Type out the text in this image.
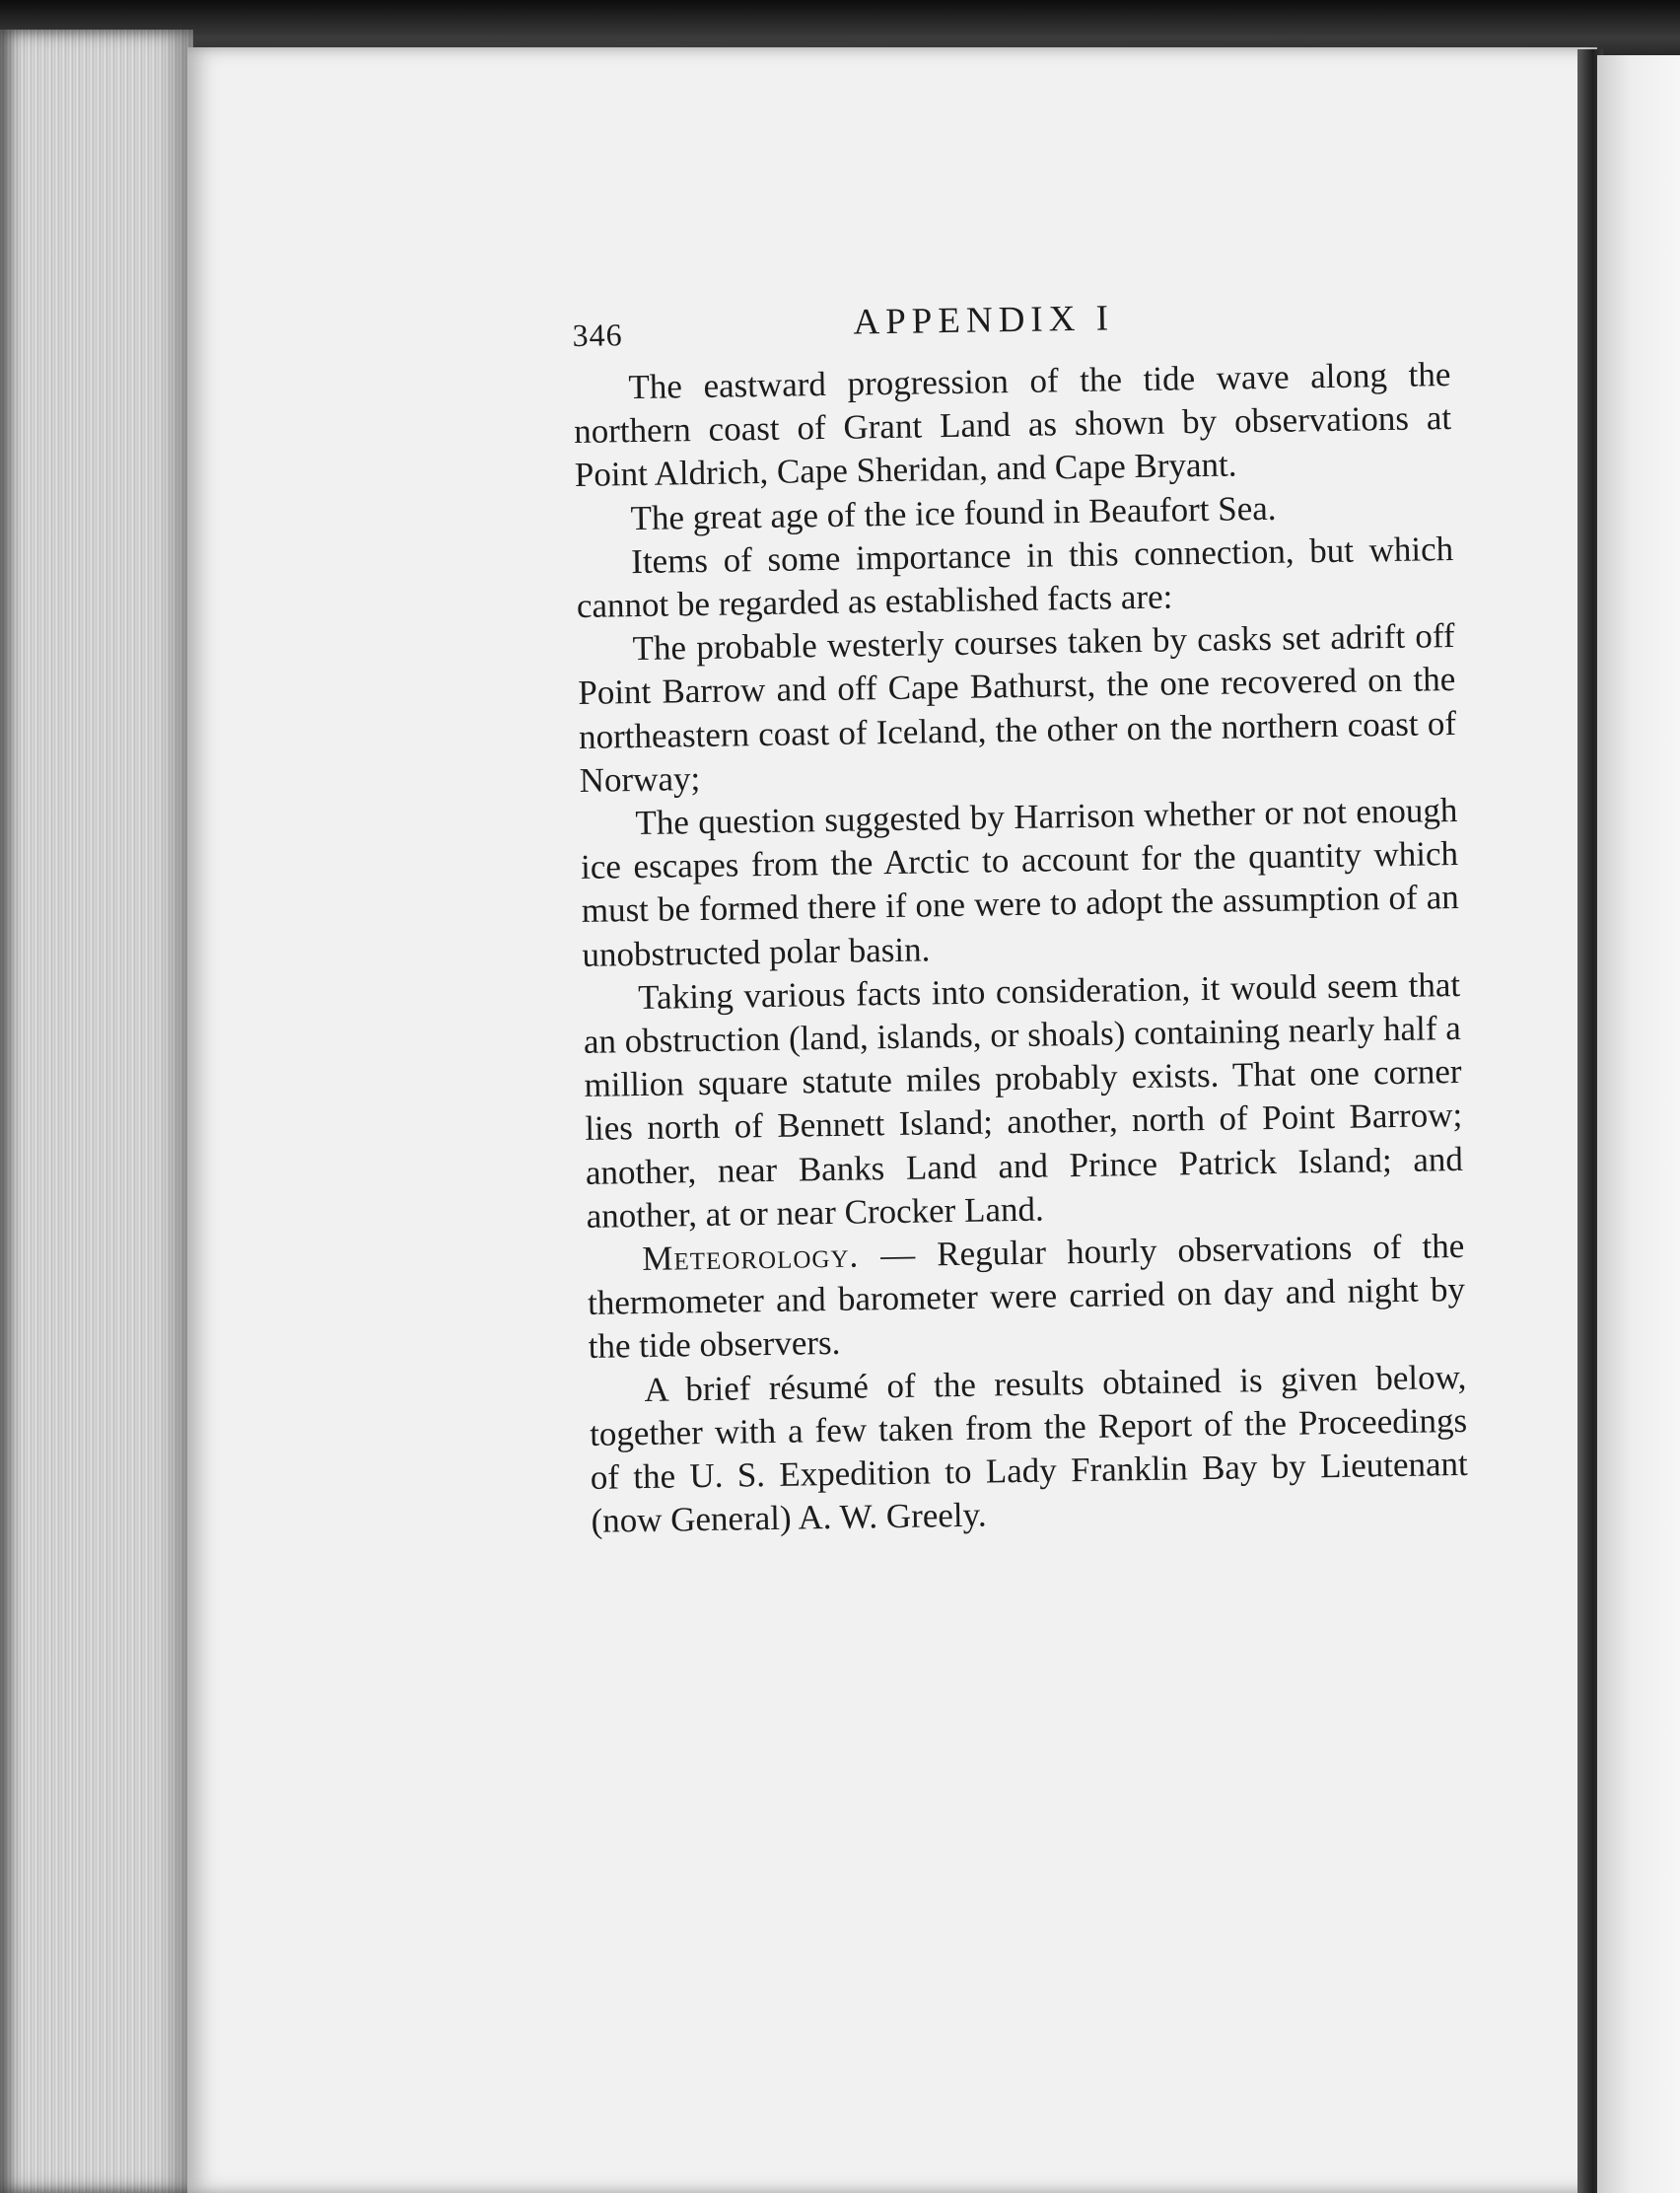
346	APPENDIX I

The eastward progression of the tide wave along the northern coast of Grant Land as shown by observations at Point Aldrich, Cape Sheridan, and Cape Bryant.

The great age of the ice found in Beaufort Sea.

Items of some importance in this connection, but which cannot be regarded as established facts are:

The probable westerly courses taken by casks set adrift off Point Barrow and off Cape Bathurst, the one recovered on the northeastern coast of Iceland, the other on the northern coast of Norway;

The question suggested by Harrison whether or not enough ice escapes from the Arctic to account for the quantity which must be formed there if one were to adopt the assumption of an unobstructed polar basin.

Taking various facts into consideration, it would seem that an obstruction (land, islands, or shoals) containing nearly half a million square statute miles probably exists. That one corner lies north of Bennett Island; another, north of Point Barrow; another, near Banks Land and Prince Patrick Island; and another, at or near Crocker Land.

Meteorology. — Regular hourly observations of the thermometer and barometer were carried on day and night by the tide observers.

A brief résumé of the results obtained is given below, together with a few taken from the Report of the Proceedings of the U. S. Expedition to Lady Franklin Bay by Lieutenant (now General) A. W. Greely.
